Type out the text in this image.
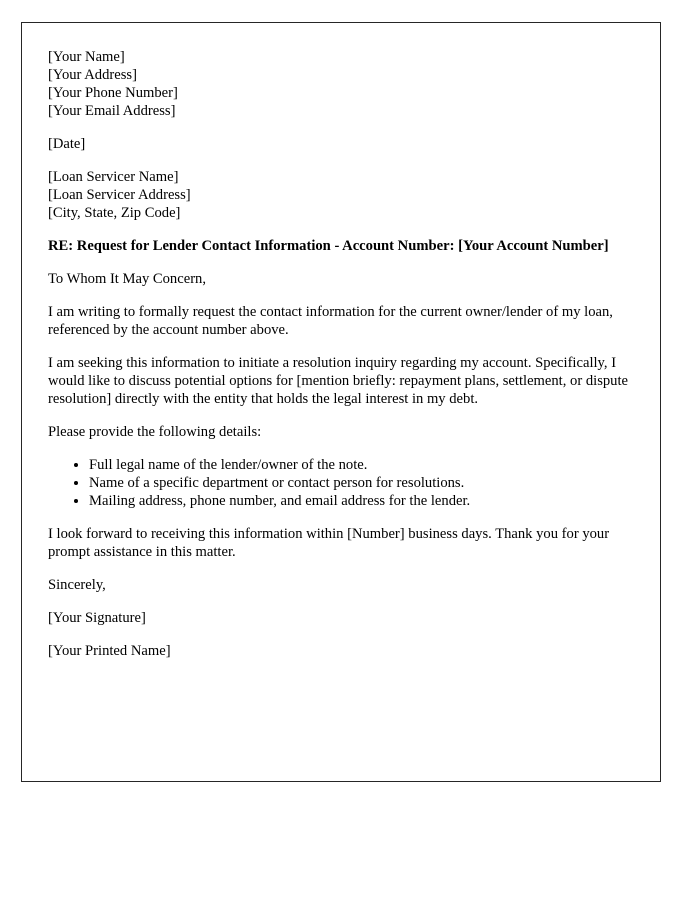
[Your Name]
[Your Address]
[Your Phone Number]
[Your Email Address]
[Date]
[Loan Servicer Name]
[Loan Servicer Address]
[City, State, Zip Code]

RE: Request for Lender Contact Information - Account Number: [Your Account Number]

To Whom It May Concern,

I am writing to formally request the contact information for the current owner/lender of my loan, referenced by the account number above.

I am seeking this information to initiate a resolution inquiry regarding my account. Specifically, I would like to discuss potential options for [mention briefly: repayment plans, settlement, or dispute resolution] directly with the entity that holds the legal interest in my debt.

Please provide the following details:

• Full legal name of the lender/owner of the note.
• Name of a specific department or contact person for resolutions.
• Mailing address, phone number, and email address for the lender.

I look forward to receiving this information within [Number] business days. Thank you for your prompt assistance in this matter.

Sincerely,

[Your Signature]

[Your Printed Name]
